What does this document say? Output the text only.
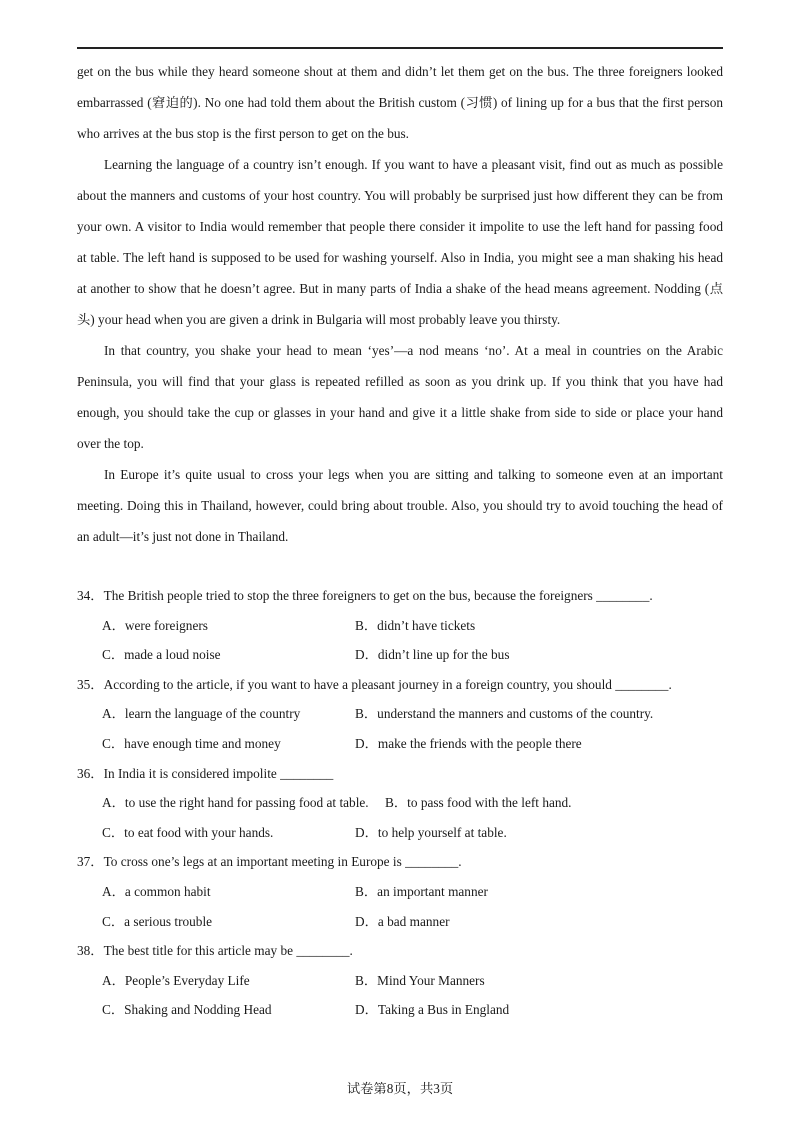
get on the bus while they heard someone shout at them and didn’t let them get on the bus. The three foreigners looked embarrassed (窘迫的). No one had told them about the British custom (习惯) of lining up for a bus that the first person who arrives at the bus stop is the first person to get on the bus.

Learning the language of a country isn’t enough. If you want to have a pleasant visit, find out as much as possible about the manners and customs of your host country. You will probably be surprised just how different they can be from your own. A visitor to India would remember that people there consider it impolite to use the left hand for passing food at table. The left hand is supposed to be used for washing yourself. Also in India, you might see a man shaking his head at another to show that he doesn’t agree. But in many parts of India a shake of the head means agreement. Nodding (点头) your head when you are given a drink in Bulgaria will most probably leave you thirsty.

In that country, you shake your head to mean ‘yes’—a nod means ‘no’. At a meal in countries on the Arabic Peninsula, you will find that your glass is repeated refilled as soon as you drink up. If you think that you have had enough, you should take the cup or glasses in your hand and give it a little shake from side to side or place your hand over the top.

In Europe it’s quite usual to cross your legs when you are sitting and talking to someone even at an important meeting. Doing this in Thailand, however, could bring about trouble. Also, you should try to avoid touching the head of an adult—it’s just not done in Thailand.

34．The British people tried to stop the three foreigners to get on the bus, because the foreigners ________.
A．were foreigners	B．didn’t have tickets
C．made a loud noise	D．didn’t line up for the bus
35．According to the article, if you want to have a pleasant journey in a foreign country, you should ________.
A．learn the language of the country	B．understand the manners and customs of the country.
C．have enough time and money	D．make the friends with the people there
36．In India it is considered impolite ________
A．to use the right hand for passing food at table. B．to pass food with the left hand.
C．to eat food with your hands.	D．to help yourself at table.
37．To cross one’s legs at an important meeting in Europe is ________.
A．a common habit	B．an important manner
C．a serious trouble	D．a bad manner
38．The best title for this article may be ________.
A．People’s Everyday Life	B．Mind Your Manners
C．Shaking and Nodding Head	D．Taking a Bus in England
试卷第8页，共3页
